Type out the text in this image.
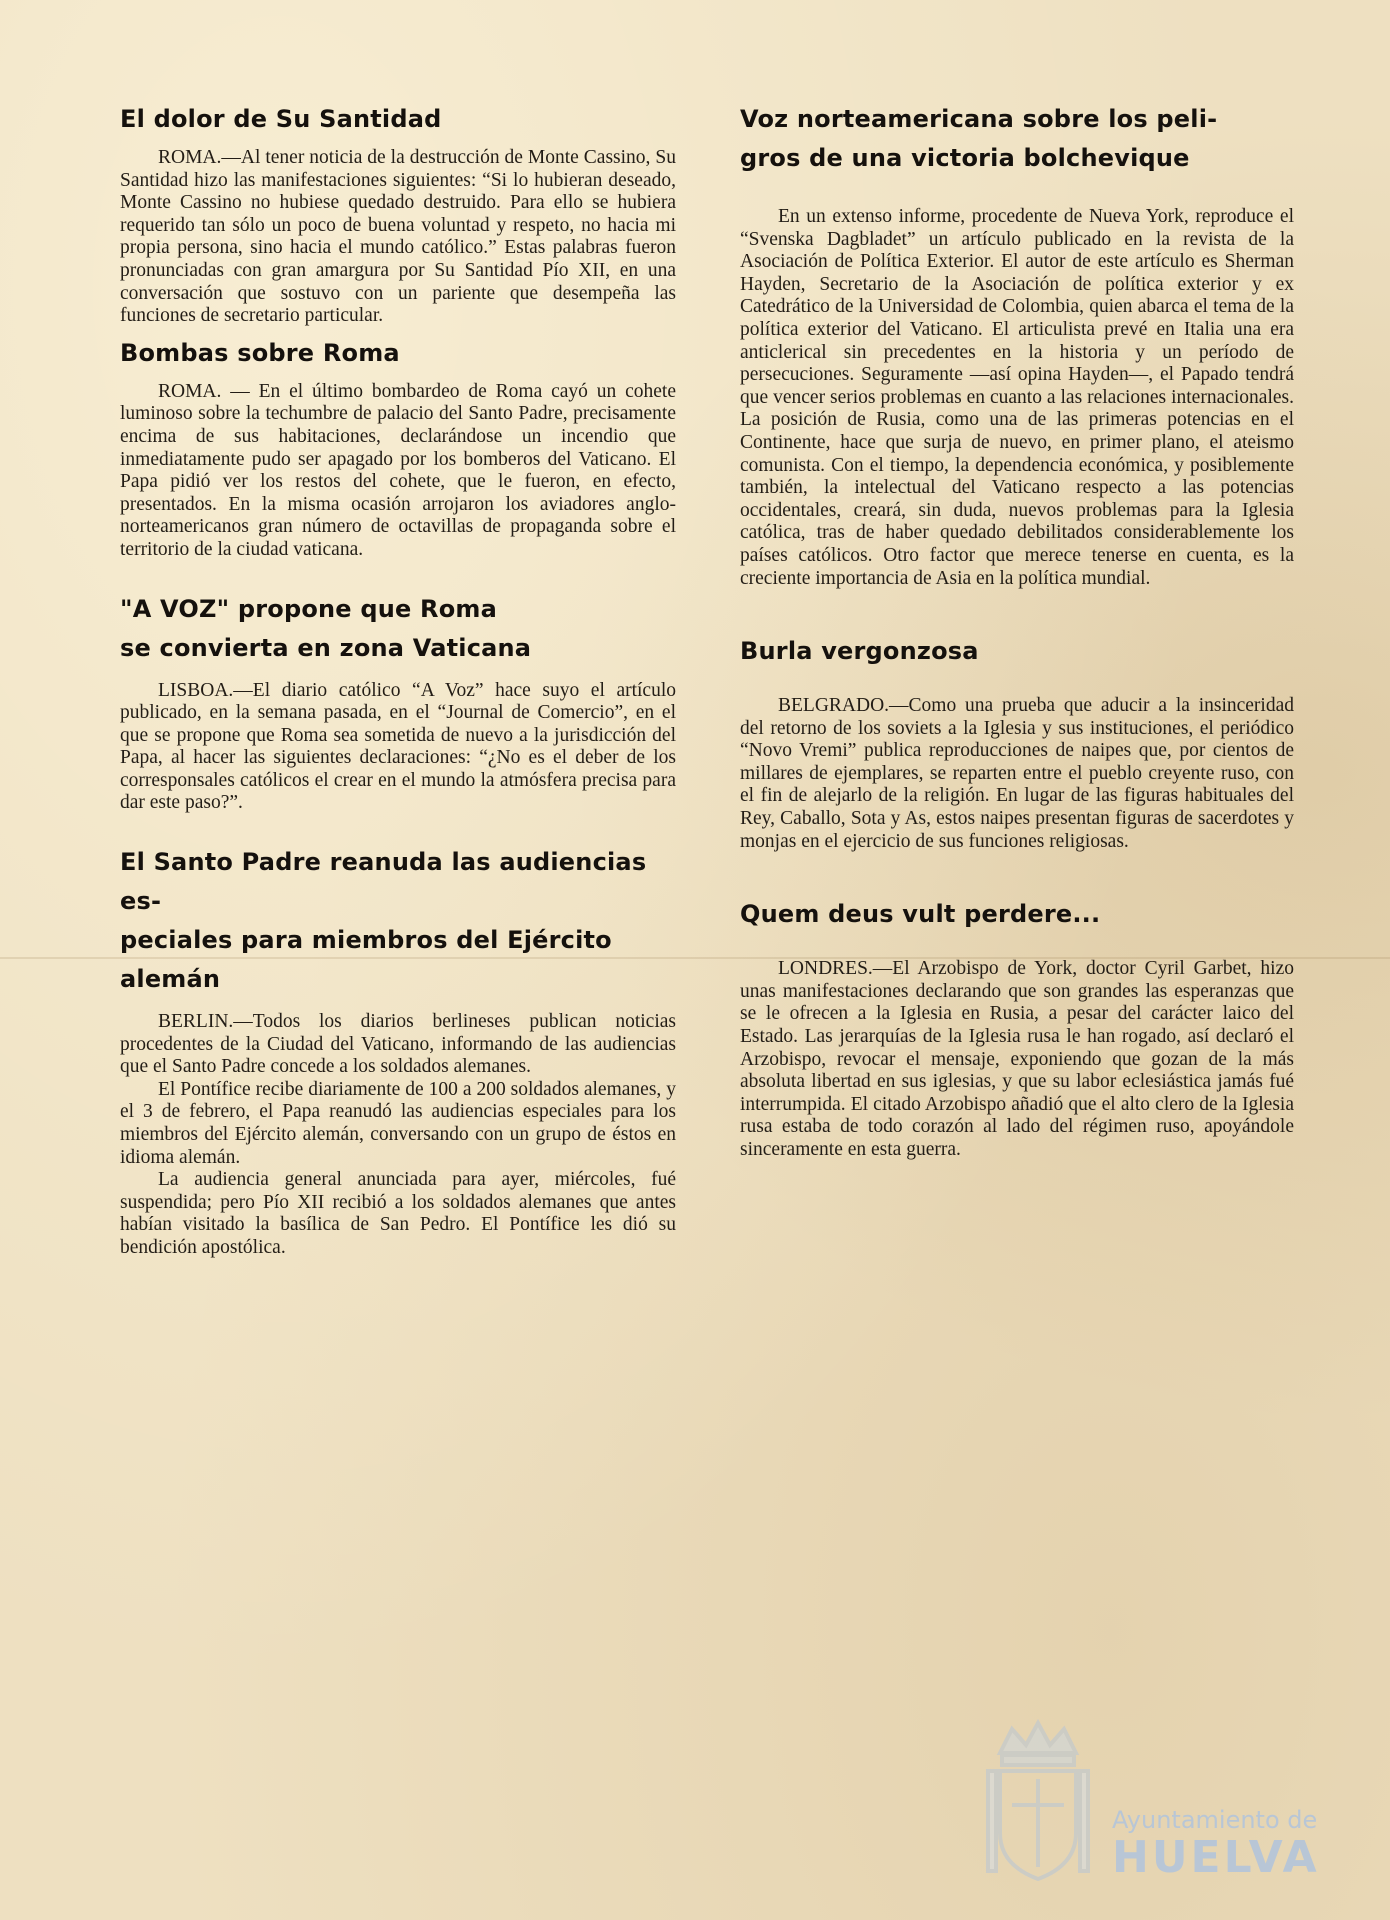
El dolor de Su Santidad

ROMA.—Al tener noticia de la destrucción de Monte Cassino, Su Santidad hizo las manifestaciones siguientes: “Si lo hubieran deseado, Monte Cassino no hubiese quedado destruido. Para ello se hubiera requerido tan sólo un poco de buena voluntad y respeto, no hacia mi propia persona, sino hacia el mundo católico.” Estas palabras fueron pronunciadas con gran amargura por Su Santidad Pío XII, en una conversación que sostuvo con un pariente que desempeña las funciones de secretario particular.

Bombas sobre Roma

ROMA. — En el último bombardeo de Roma cayó un cohete luminoso sobre la techumbre de palacio del Santo Padre, precisamente encima de sus habitaciones, declarándose un incendio que inmediatamente pudo ser apagado por los bomberos del Vaticano. El Papa pidió ver los restos del cohete, que le fueron, en efecto, presentados. En la misma ocasión arrojaron los aviadores anglo-norteamericanos gran número de octavillas de propaganda sobre el territorio de la ciudad vaticana.

"A VOZ" propone que Roma
se convierta en zona Vaticana

LISBOA.—El diario católico “A Voz” hace suyo el artículo publicado, en la semana pasada, en el “Journal de Comercio”, en el que se propone que Roma sea sometida de nuevo a la jurisdicción del Papa, al hacer las siguientes declaraciones: “¿No es el deber de los corresponsales católicos el crear en el mundo la atmósfera precisa para dar este paso?”.

El Santo Padre reanuda las audiencias es-
peciales para miembros del Ejército alemán

BERLIN.—Todos los diarios berlineses publican noticias procedentes de la Ciudad del Vaticano, informando de las audiencias que el Santo Padre concede a los soldados alemanes.

El Pontífice recibe diariamente de 100 a 200 soldados alemanes, y el 3 de febrero, el Papa reanudó las audiencias especiales para los miembros del Ejército alemán, conversando con un grupo de éstos en idioma alemán.

La audiencia general anunciada para ayer, miércoles, fué suspendida; pero Pío XII recibió a los soldados alemanes que antes habían visitado la basílica de San Pedro. El Pontífice les dió su bendición apostólica.

Voz norteamericana sobre los peli-
gros de una victoria bolchevique

En un extenso informe, procedente de Nueva York, reproduce el “Svenska Dagbladet” un artículo publicado en la revista de la Asociación de Política Exterior. El autor de este artículo es Sherman Hayden, Secretario de la Asociación de política exterior y ex Catedrático de la Universidad de Colombia, quien abarca el tema de la política exterior del Vaticano. El articulista prevé en Italia una era anticlerical sin precedentes en la historia y un período de persecuciones. Seguramente —así opina Hayden—, el Papado tendrá que vencer serios problemas en cuanto a las relaciones internacionales. La posición de Rusia, como una de las primeras potencias en el Continente, hace que surja de nuevo, en primer plano, el ateismo comunista. Con el tiempo, la dependencia económica, y posiblemente también, la intelectual del Vaticano respecto a las potencias occidentales, creará, sin duda, nuevos problemas para la Iglesia católica, tras de haber quedado debilitados considerablemente los países católicos. Otro factor que merece tenerse en cuenta, es la creciente importancia de Asia en la política mundial.

Burla vergonzosa

BELGRADO.—Como una prueba que aducir a la insinceridad del retorno de los soviets a la Iglesia y sus instituciones, el periódico “Novo Vremi” publica reproducciones de naipes que, por cientos de millares de ejemplares, se reparten entre el pueblo creyente ruso, con el fin de alejarlo de la religión. En lugar de las figuras habituales del Rey, Caballo, Sota y As, estos naipes presentan figuras de sacerdotes y monjas en el ejercicio de sus funciones religiosas.

Quem deus vult perdere...

LONDRES.—El Arzobispo de York, doctor Cyril Garbet, hizo unas manifestaciones declarando que son grandes las esperanzas que se le ofrecen a la Iglesia en Rusia, a pesar del carácter laico del Estado. Las jerarquías de la Iglesia rusa le han rogado, así declaró el Arzobispo, revocar el mensaje, exponiendo que gozan de la más absoluta libertad en sus iglesias, y que su labor eclesiástica jamás fué interrumpida. El citado Arzobispo añadió que el alto clero de la Iglesia rusa estaba de todo corazón al lado del régimen ruso, apoyándole sinceramente en esta guerra.

Ayuntamiento de
HUELVA
